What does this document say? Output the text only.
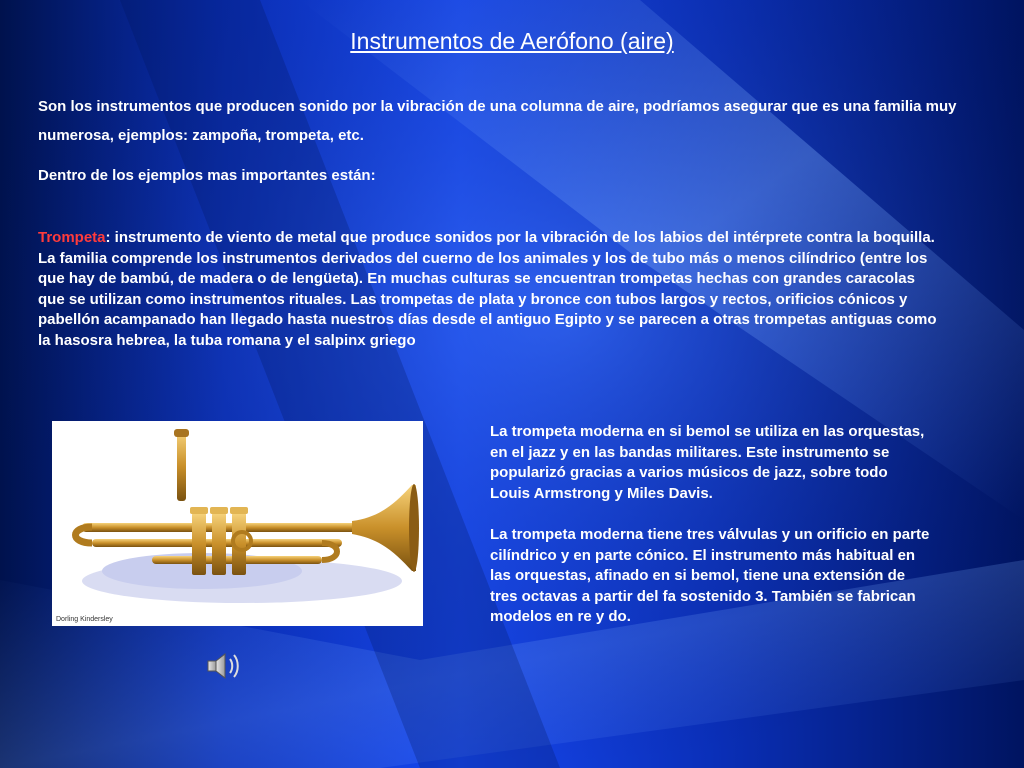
Instrumentos de Aerófono (aire)

Son los instrumentos que producen sonido por la vibración de una columna de aire, podríamos asegurar que es una familia muy numerosa, ejemplos: zampoña, trompeta, etc.

Dentro de los ejemplos mas importantes están:

Trompeta: instrumento de viento de metal que produce sonidos por la vibración de los labios del intérprete contra la boquilla. La familia comprende los instrumentos derivados del cuerno de los animales y los de tubo más o menos cilíndrico (entre los que hay de bambú, de madera o de lengüeta). En muchas culturas se encuentran trompetas hechas con grandes caracolas que se utilizan como instrumentos rituales. Las trompetas de plata y bronce con tubos largos y rectos, orificios cónicos y pabellón acampanado han llegado hasta nuestros días desde el antiguo Egipto y se parecen a otras trompetas antiguas como la hasosra hebrea, la tuba romana y el salpinx griego

Dorling Kindersley

La trompeta moderna en si bemol se utiliza en las orquestas, en el jazz y en las bandas militares. Este instrumento se popularizó gracias a varios músicos de jazz, sobre todo Louis Armstrong y Miles Davis.

La trompeta moderna tiene tres válvulas y un orificio en parte cilíndrico y en parte cónico. El instrumento más habitual en las orquestas, afinado en si bemol, tiene una extensión de tres octavas a partir del fa sostenido 3. También se fabrican modelos en re y do.
